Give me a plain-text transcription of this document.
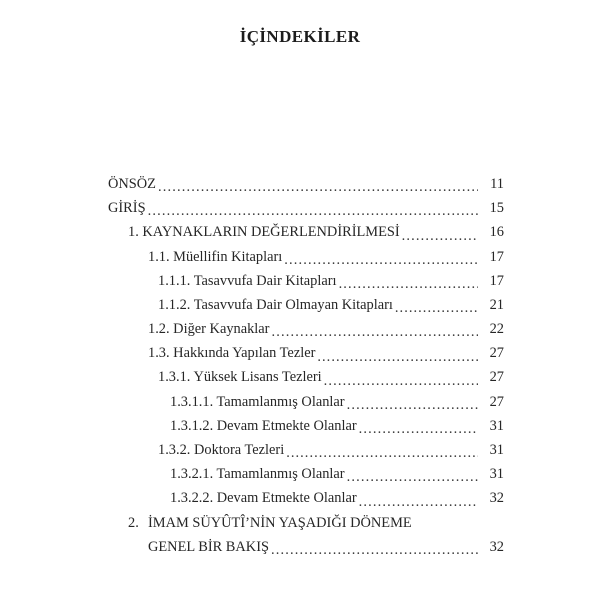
İÇİNDEKİLER
ÖNSÖZ .....	11
GİRİŞ .....	15
1. KAYNAKLARIN DEĞERLENDİRİLMESİ .....	16
1.1. Müellifin Kitapları .....	17
1.1.1. Tasavvufa Dair Kitapları .....	17
1.1.2. Tasavvufa Dair Olmayan Kitapları .....	21
1.2. Diğer Kaynaklar .....	22
1.3. Hakkında Yapılan Tezler .....	27
1.3.1. Yüksek Lisans Tezleri .....	27
1.3.1.1. Tamamlanmış Olanlar .....	27
1.3.1.2. Devam Etmekte Olanlar .....	31
1.3.2. Doktora Tezleri .....	31
1.3.2.1. Tamamlanmış Olanlar .....	31
1.3.2.2. Devam Etmekte Olanlar .....	32
2. İMAM SÜYÛTÎ’NİN YAŞADIĞI DÖNEME
GENEL BİR BAKIŞ .....	32
